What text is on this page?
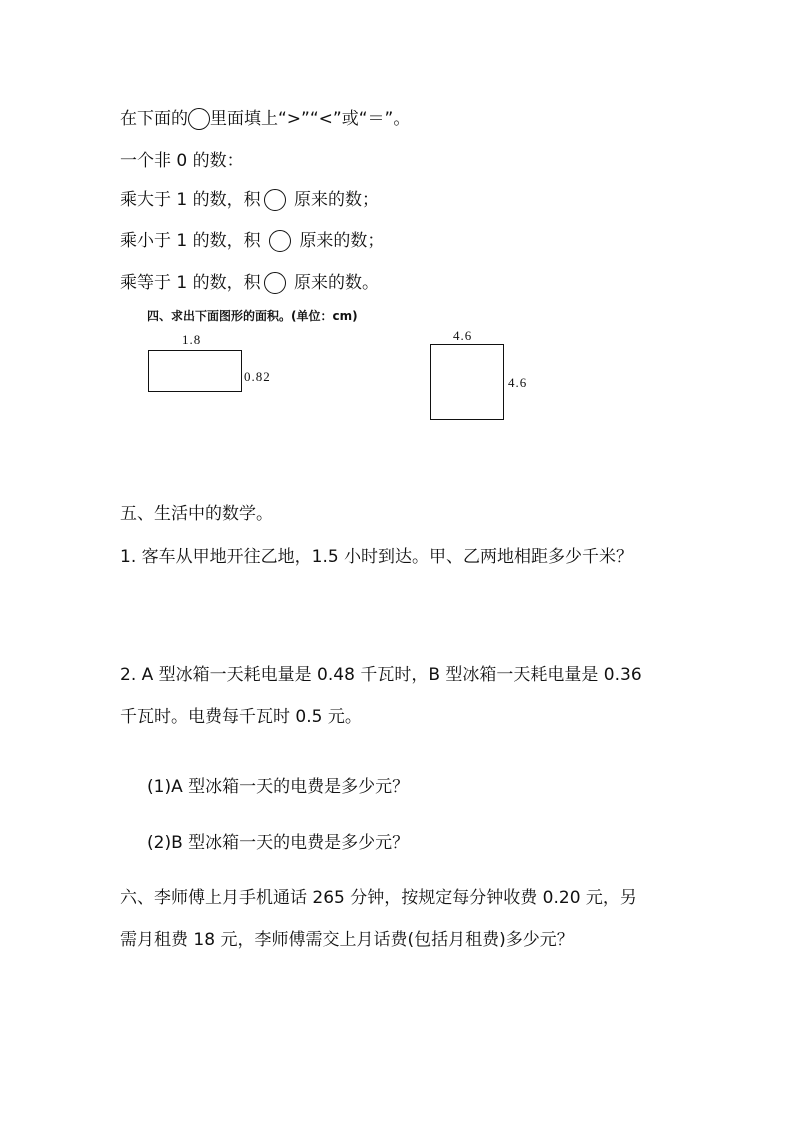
在下面的 里面填上“>”“<”或“＝”。
一个非 0 的数：
乘大于 1 的数，积 原来的数；
乘小于 1 的数，积 原来的数；
乘等于 1 的数，积 原来的数。
四、求出下面图形的面积。(单位：cm)
1.8
0.82
4.6
4.6
五、生活中的数学。
1. 客车从甲地开往乙地，1.5 小时到达。甲、乙两地相距多少千米？
2. A 型冰箱一天耗电量是 0.48 千瓦时，B 型冰箱一天耗电量是 0.36
千瓦时。电费每千瓦时 0.5 元。
(1)A 型冰箱一天的电费是多少元？
(2)B 型冰箱一天的电费是多少元？
六、李师傅上月手机通话 265 分钟，按规定每分钟收费 0.20 元，另
需月租费 18 元，李师傅需交上月话费(包括月租费)多少元？
